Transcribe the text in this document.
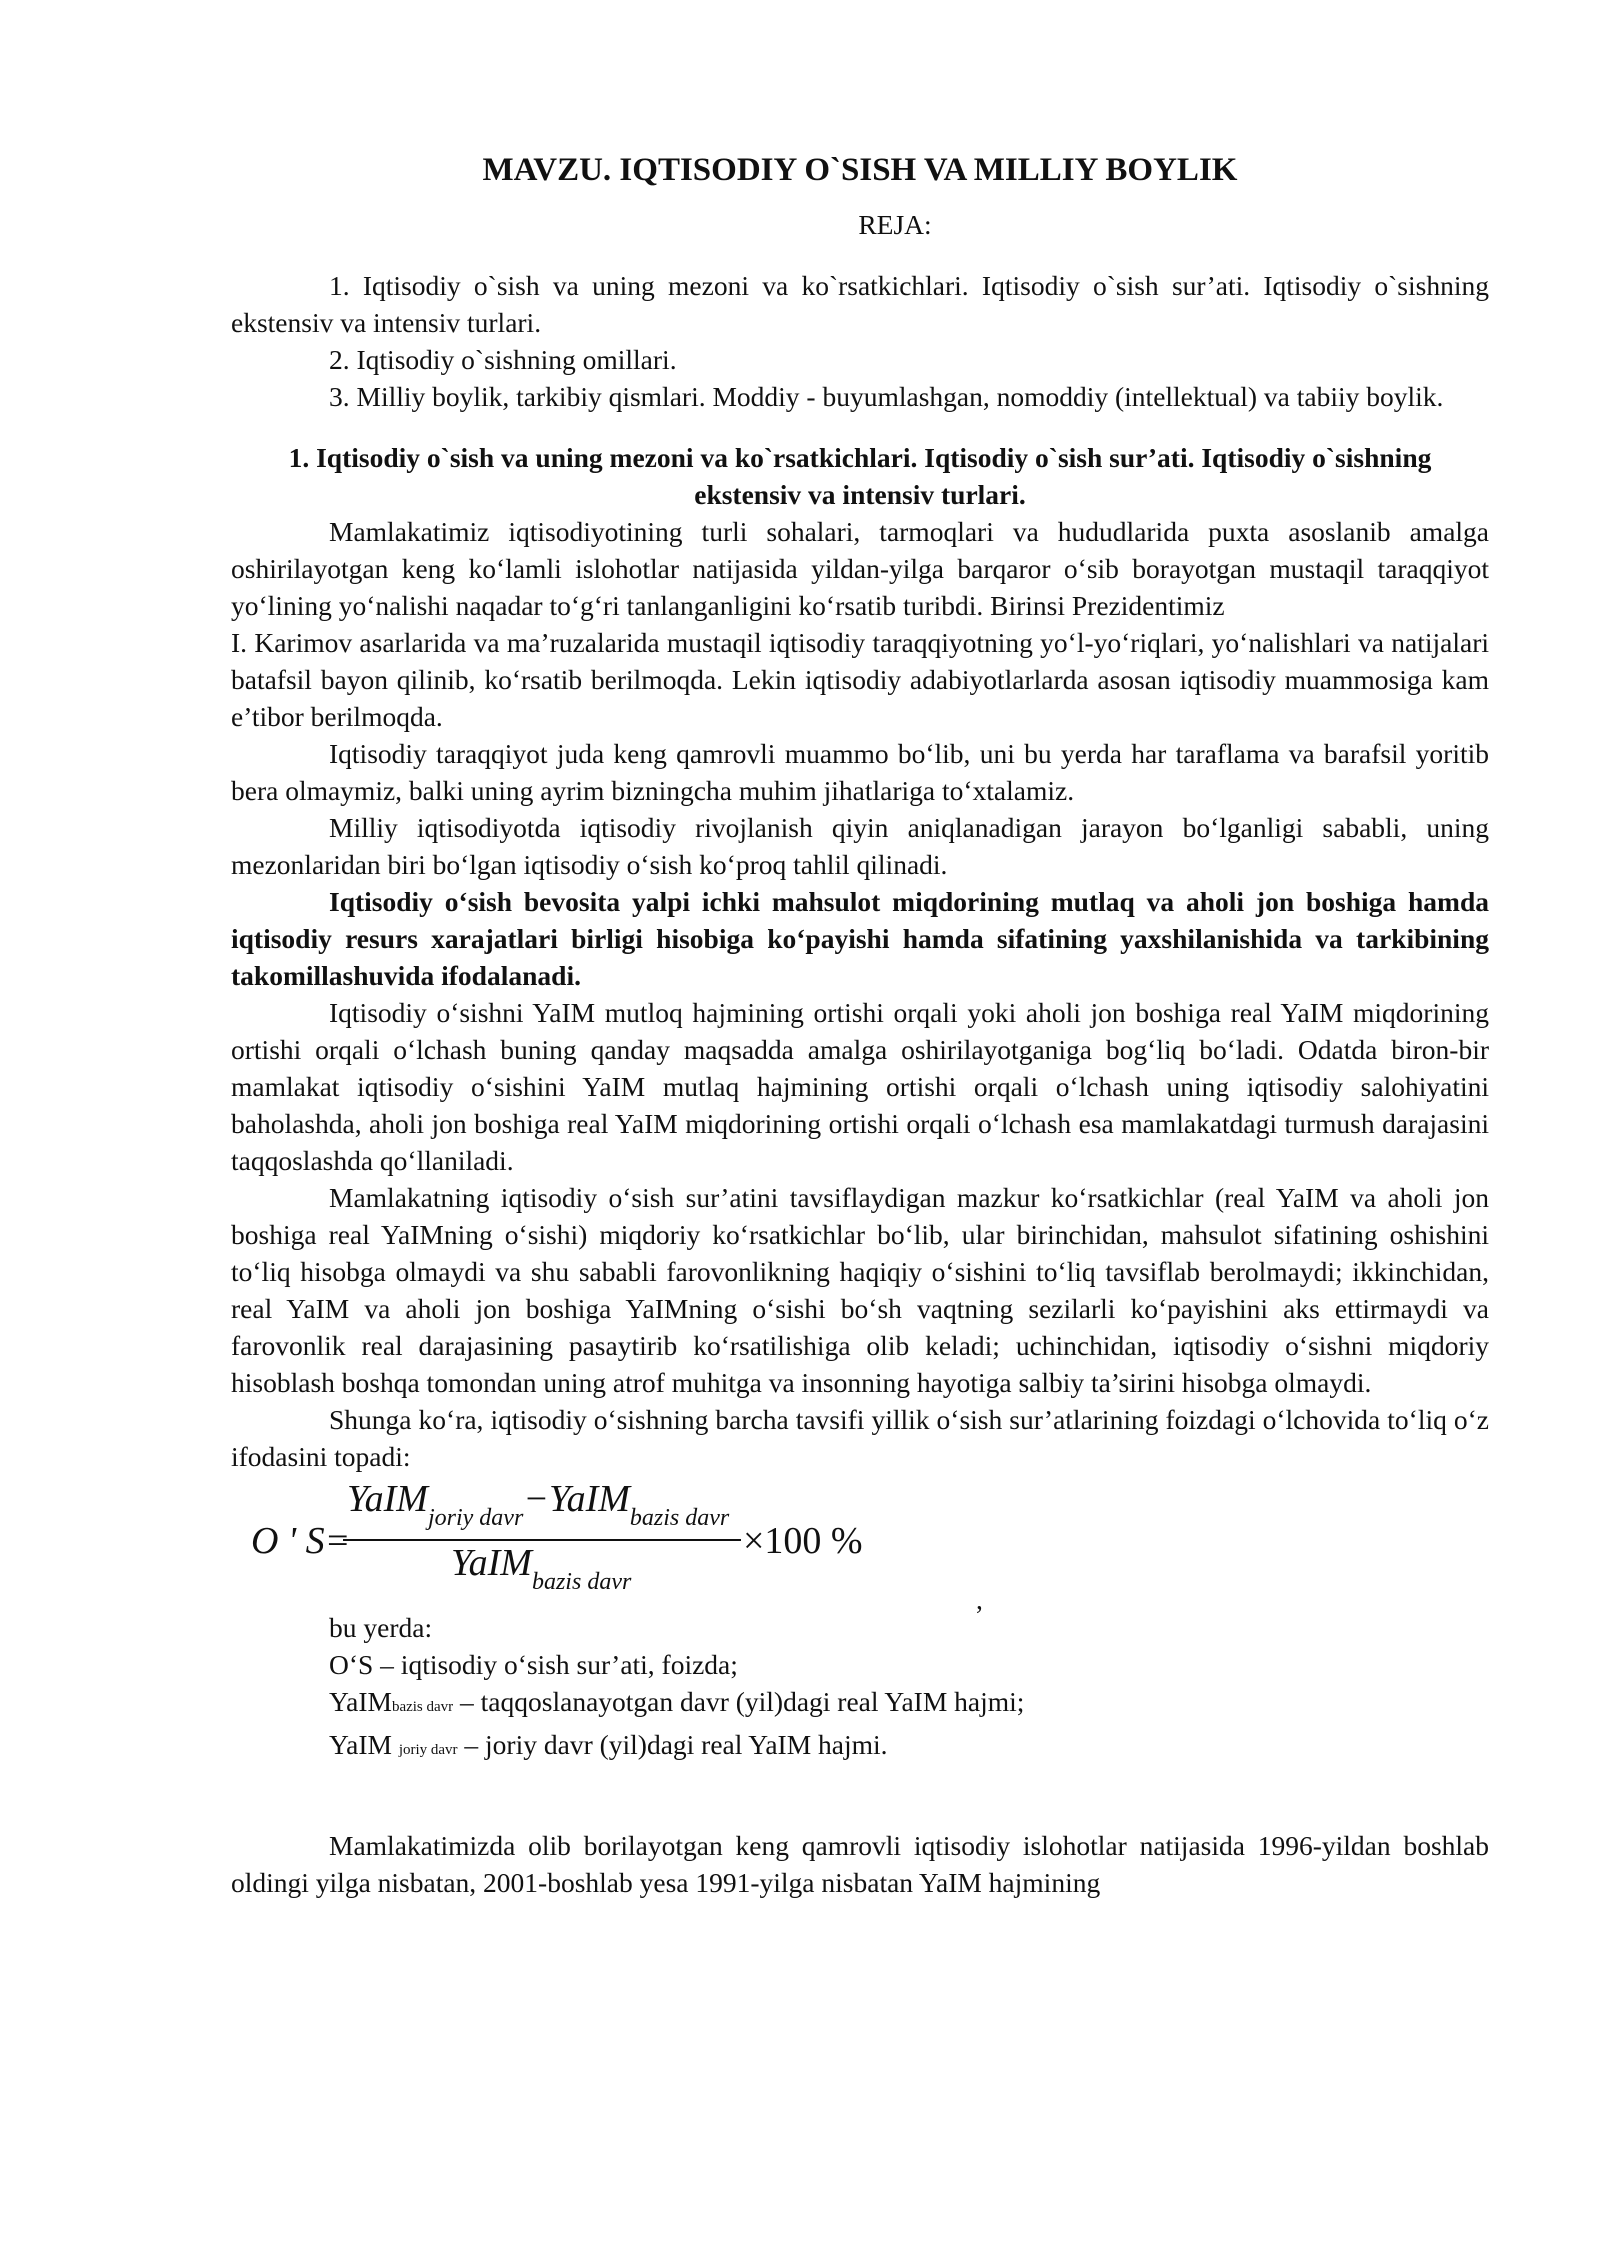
MAVZU. IQTISODIY O`SISH VA MILLIY BOYLIK
REJA:

1. Iqtisodiy o`sish va uning mezoni va ko`rsatkichlari. Iqtisodiy o`sish sur’ati. Iqtisodiy o`sishning ekstensiv va intensiv turlari.

2. Iqtisodiy o`sishning omillari.

3. Milliy boylik, tarkibiy qismlari. Moddiy - buyumlashgan, nomoddiy (intellektual) va tabiiy boylik.

1. Iqtisodiy o`sish va uning mezoni va ko`rsatkichlari. Iqtisodiy o`sish sur’ati. Iqtisodiy o`sishning ekstensiv va intensiv turlari.

Mamlakatimiz iqtisodiyotining turli sohalari, tarmoqlari va hududlarida puxta asoslanib amalga oshirilayotgan keng ko‘lamli islohotlar natijasida yildan-yilga barqaror o‘sib borayotgan mustaqil taraqqiyot yo‘lining yo‘nalishi naqadar to‘g‘ri tanlanganligini ko‘rsatib turibdi. Birinsi Prezidentimiz

I. Karimov asarlarida va ma’ruzalarida mustaqil iqtisodiy taraqqiyotning yo‘l-yo‘riqlari, yo‘nalishlari va natijalari batafsil bayon qilinib, ko‘rsatib berilmoqda. Lekin iqtisodiy adabiyotlarlarda asosan iqtisodiy muammosiga kam e’tibor berilmoqda.

Iqtisodiy taraqqiyot juda keng qamrovli muammo bo‘lib, uni bu yerda har taraflama va barafsil yoritib bera olmaymiz, balki uning ayrim bizningcha muhim jihatlariga to‘xtalamiz.

Milliy iqtisodiyotda iqtisodiy rivojlanish qiyin aniqlanadigan jarayon bo‘lganligi sababli, uning mezonlaridan biri bo‘lgan iqtisodiy o‘sish ko‘proq tahlil qilinadi.

Iqtisodiy o‘sish bevosita yalpi ichki mahsulot miqdorining mutlaq va aholi jon boshiga hamda iqtisodiy resurs xarajatlari birligi hisobiga ko‘payishi hamda sifatining yaxshilanishida va tarkibining takomillashuvida ifodalanadi.

Iqtisodiy o‘sishni YaIM mutloq hajmining ortishi orqali yoki aholi jon boshiga real YaIM miqdorining ortishi orqali o‘lchash buning qanday maqsadda amalga oshirilayotganiga bog‘liq bo‘ladi. Odatda biron-bir mamlakat iqtisodiy o‘sishini YaIM mutlaq hajmining ortishi orqali o‘lchash uning iqtisodiy salohiyatini baholashda, aholi jon boshiga real YaIM miqdorining ortishi orqali o‘lchash esa mamlakatdagi turmush darajasini taqqoslashda qo‘llaniladi.

Mamlakatning iqtisodiy o‘sish sur’atini tavsiflaydigan mazkur ko‘rsatkichlar (real YaIM va aholi jon boshiga real YaIMning o‘sishi) miqdoriy ko‘rsatkichlar bo‘lib, ular birinchidan, mahsulot sifatining oshishini to‘liq hisobga olmaydi va shu sababli farovonlikning haqiqiy o‘sishini to‘liq tavsiflab berolmaydi; ikkinchidan, real YaIM va aholi jon boshiga YaIMning o‘sishi bo‘sh vaqtning sezilarli ko‘payishini aks ettirmaydi va farovonlik real darajasining pasaytirib ko‘rsatilishiga olib keladi; uchinchidan, iqtisodiy o‘sishni miqdoriy hisoblash boshqa tomondan uning atrof muhitga va insonning hayotiga salbiy ta’sirini hisobga olmaydi.

Shunga ko‘ra, iqtisodiy o‘sishning barcha tavsifi yillik o‘sish sur’atlarining foizdagi o‘lchovida to‘liq o‘z ifodasini topadi:

O ' S=
YaIM$_{joriy davr}$−YaIM$_{bazis davr}$
YaIM$_{bazis davr}$
×100 %
,
bu yerda:
O‘S – iqtisodiy o‘sish sur’ati, foizda;
YaIMbazis davr – taqqoslanayotgan davr (yil)dagi real YaIM hajmi;
YaIM joriy davr – joriy davr (yil)dagi real YaIM hajmi.

Mamlakatimizda olib borilayotgan keng qamrovli iqtisodiy islohotlar natijasida 1996-yildan boshlab oldingi yilga nisbatan, 2001-boshlab yesa 1991-yilga nisbatan YaIM hajmining
